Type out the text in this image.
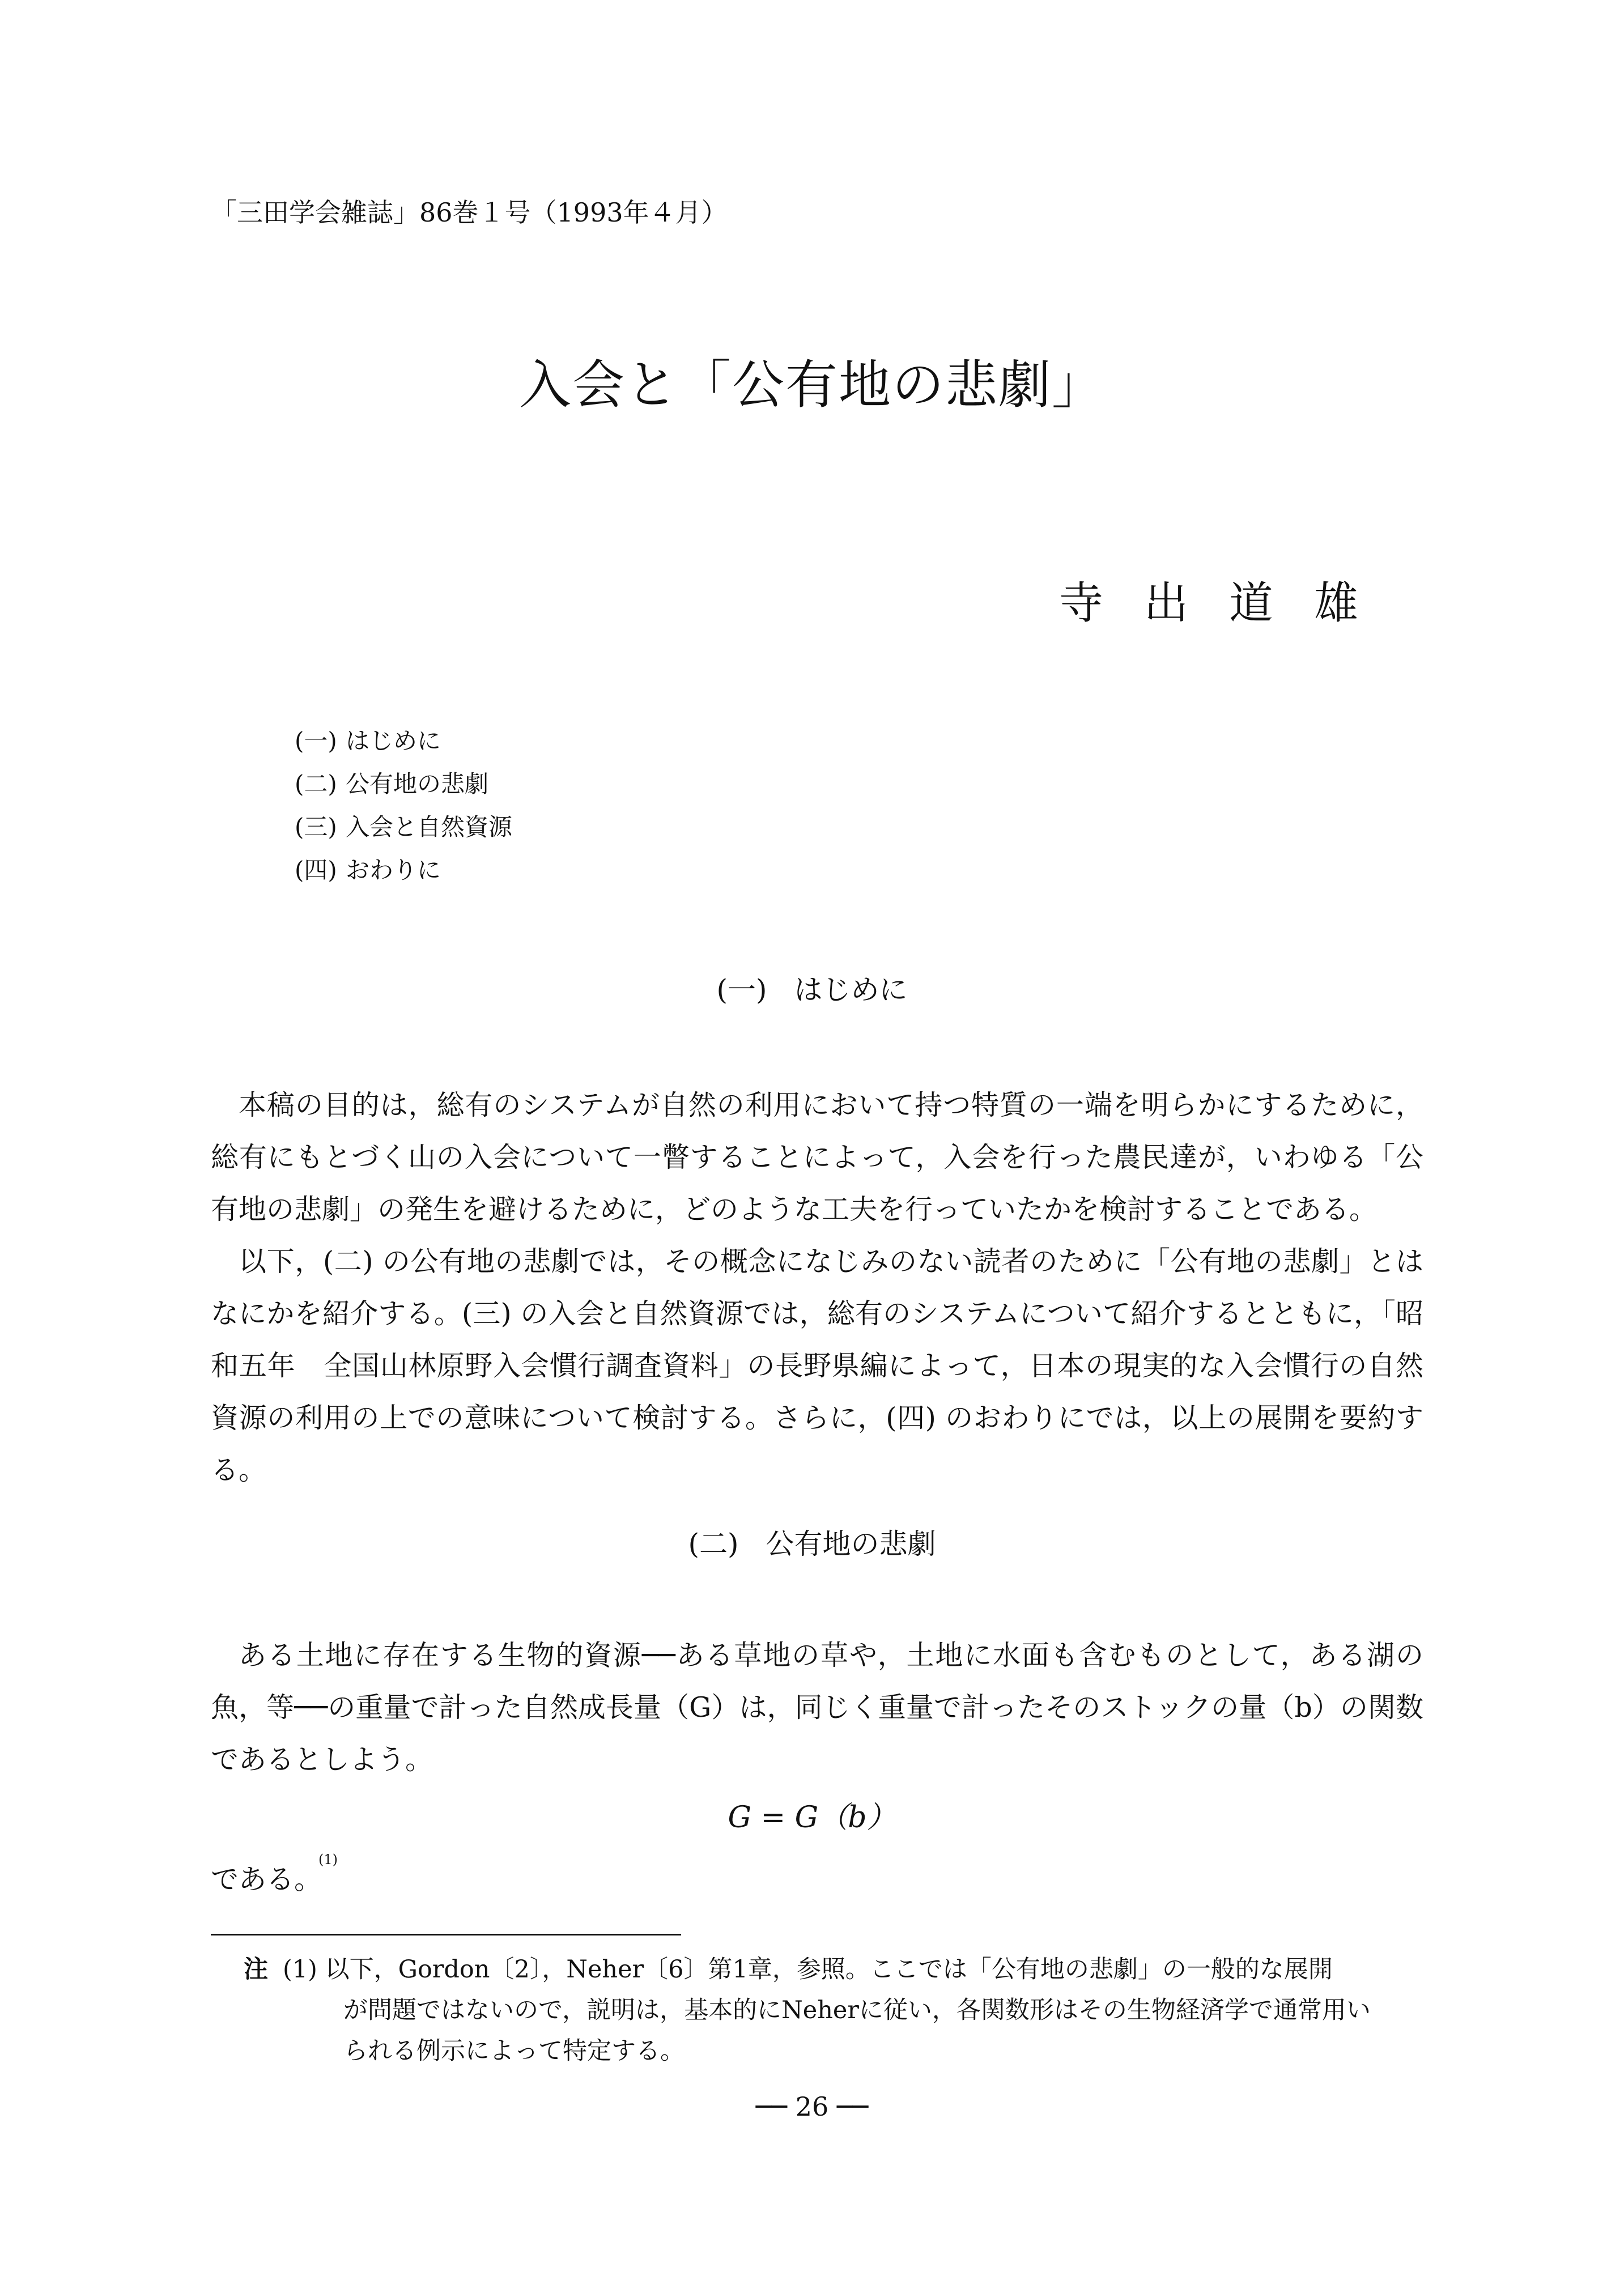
「三田学会雑誌」86巻１号（1993年４月）
入会と「公有地の悲劇」
寺 出 道 雄
(一) はじめに
(二) 公有地の悲劇
(三) 入会と自然資源
(四) おわりに
(一) はじめに

本稿の目的は，総有のシステムが自然の利用において持つ特質の一端を明らかにするために，総有にもとづく山の入会について一瞥することによって，入会を行った農民達が，いわゆる「公有地の悲劇」の発生を避けるために，どのような工夫を行っていたかを検討することである。

以下，(二) の公有地の悲劇では，その概念になじみのない読者のために「公有地の悲劇」とはなにかを紹介する。(三) の入会と自然資源では，総有のシステムについて紹介するとともに，「昭和五年　全国山林原野入会慣行調査資料」の長野県編によって，日本の現実的な入会慣行の自然資源の利用の上での意味について検討する。さらに，(四) のおわりにでは，以上の展開を要約する。

(二) 公有地の悲劇

ある土地に存在する生物的資源──ある草地の草や，土地に水面も含むものとして，ある湖の魚，等──の重量で計った自然成長量（G）は，同じく重量で計ったそのストックの量（b）の関数であるとしよう。

G = G（b）
である。$^{(1)}$
注 (1) 以下，Gordon〔2〕，Neher〔6〕第1章，参照。ここでは「公有地の悲劇」の一般的な展開
が問題ではないので，説明は，基本的にNeherに従い，各関数形はその生物経済学で通常用い
られる例示によって特定する。
── 26 ──
